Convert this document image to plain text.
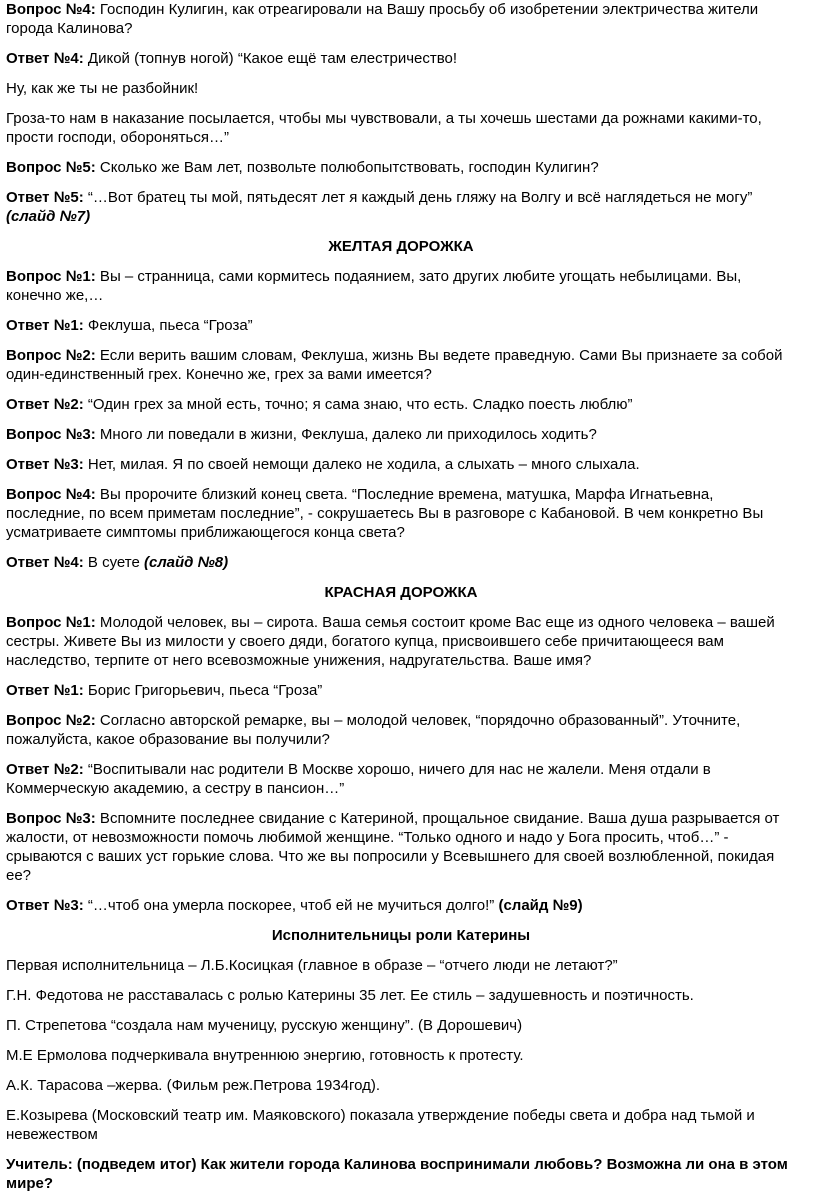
Вопрос №4: Господин Кулигин, как отреагировали на Вашу просьбу об изобретении электричества жители города Калинова?

Ответ №4: Дикой (топнув ногой) “Какое ещё там елестричество!

Ну, как же ты не разбойник!

Гроза-то нам в наказание посылается, чтобы мы чувствовали, а ты хочешь шестами да рожнами какими-то, прости господи, обороняться…”

Вопрос №5: Сколько же Вам лет, позвольте полюбопытствовать, господин Кулигин?

Ответ №5: “…Вот братец ты мой, пятьдесят лет я каждый день гляжу на Волгу и всё наглядеться не могу” (слайд №7)

ЖЕЛТАЯ ДОРОЖКА

Вопрос №1: Вы – странница, сами кормитесь подаянием, зато других любите угощать небылицами. Вы, конечно же,…

Ответ №1: Феклуша, пьеса “Гроза”

Вопрос №2: Если верить вашим словам, Феклуша, жизнь Вы ведете праведную. Сами Вы признаете за собой один-единственный грех. Конечно же, грех за вами имеется?

Ответ №2: “Один грех за мной есть, точно; я сама знаю, что есть. Сладко поесть люблю”

Вопрос №3: Много ли поведали в жизни, Феклуша, далеко ли приходилось ходить?

Ответ №3: Нет, милая. Я по своей немощи далеко не ходила, а слыхать – много слыхала.

Вопрос №4: Вы пророчите близкий конец света. “Последние времена, матушка, Марфа Игнатьевна, последние, по всем приметам последние”, - сокрушаетесь Вы в разговоре с Кабановой. В чем конкретно Вы усматриваете симптомы приближающегося конца света?

Ответ №4: В суете (слайд №8)

КРАСНАЯ ДОРОЖКА

Вопрос №1: Молодой человек, вы – сирота. Ваша семья состоит кроме Вас еще из одного человека – вашей сестры. Живете Вы из милости у своего дяди, богатого купца, присвоившего себе причитающееся вам наследство, терпите от него всевозможные унижения, надругательства. Ваше имя?

Ответ №1: Борис Григорьевич, пьеса “Гроза”

Вопрос №2: Согласно авторской ремарке, вы – молодой человек, “порядочно образованный”. Уточните, пожалуйста, какое образование вы получили?

Ответ №2: “Воспитывали нас родители В Москве хорошо, ничего для нас не жалели. Меня отдали в Коммерческую академию, а сестру в пансион…”

Вопрос №3: Вспомните последнее свидание с Катериной, прощальное свидание. Ваша душа разрывается от жалости, от невозможности помочь любимой женщине. “Только одного и надо у Бога просить, чтоб…” - срываются с ваших уст горькие слова. Что же вы попросили у Всевышнего для своей возлюбленной, покидая ее?

Ответ №3: “…чтоб она умерла поскорее, чтоб ей не мучиться долго!” (слайд №9)

Исполнительницы роли Катерины

Первая исполнительница – Л.Б.Косицкая (главное в образе – “отчего люди не летают?”

Г.Н. Федотова не расставалась с ролью Катерины 35 лет. Ее стиль – задушевность и поэтичность.

П. Стрепетова “создала нам мученицу, русскую женщину”. (В Дорошевич)

М.Е Ермолова подчеркивала внутреннюю энергию, готовность к протесту.

А.К. Тарасова –жерва. (Фильм реж.Петрова 1934год).

Е.Козырева (Московский театр им. Маяковского) показала утверждение победы света и добра над тьмой и невежеством

Учитель: (подведем итог) Как жители города Калинова воспринимали любовь? Возможна ли она в этом мире?
